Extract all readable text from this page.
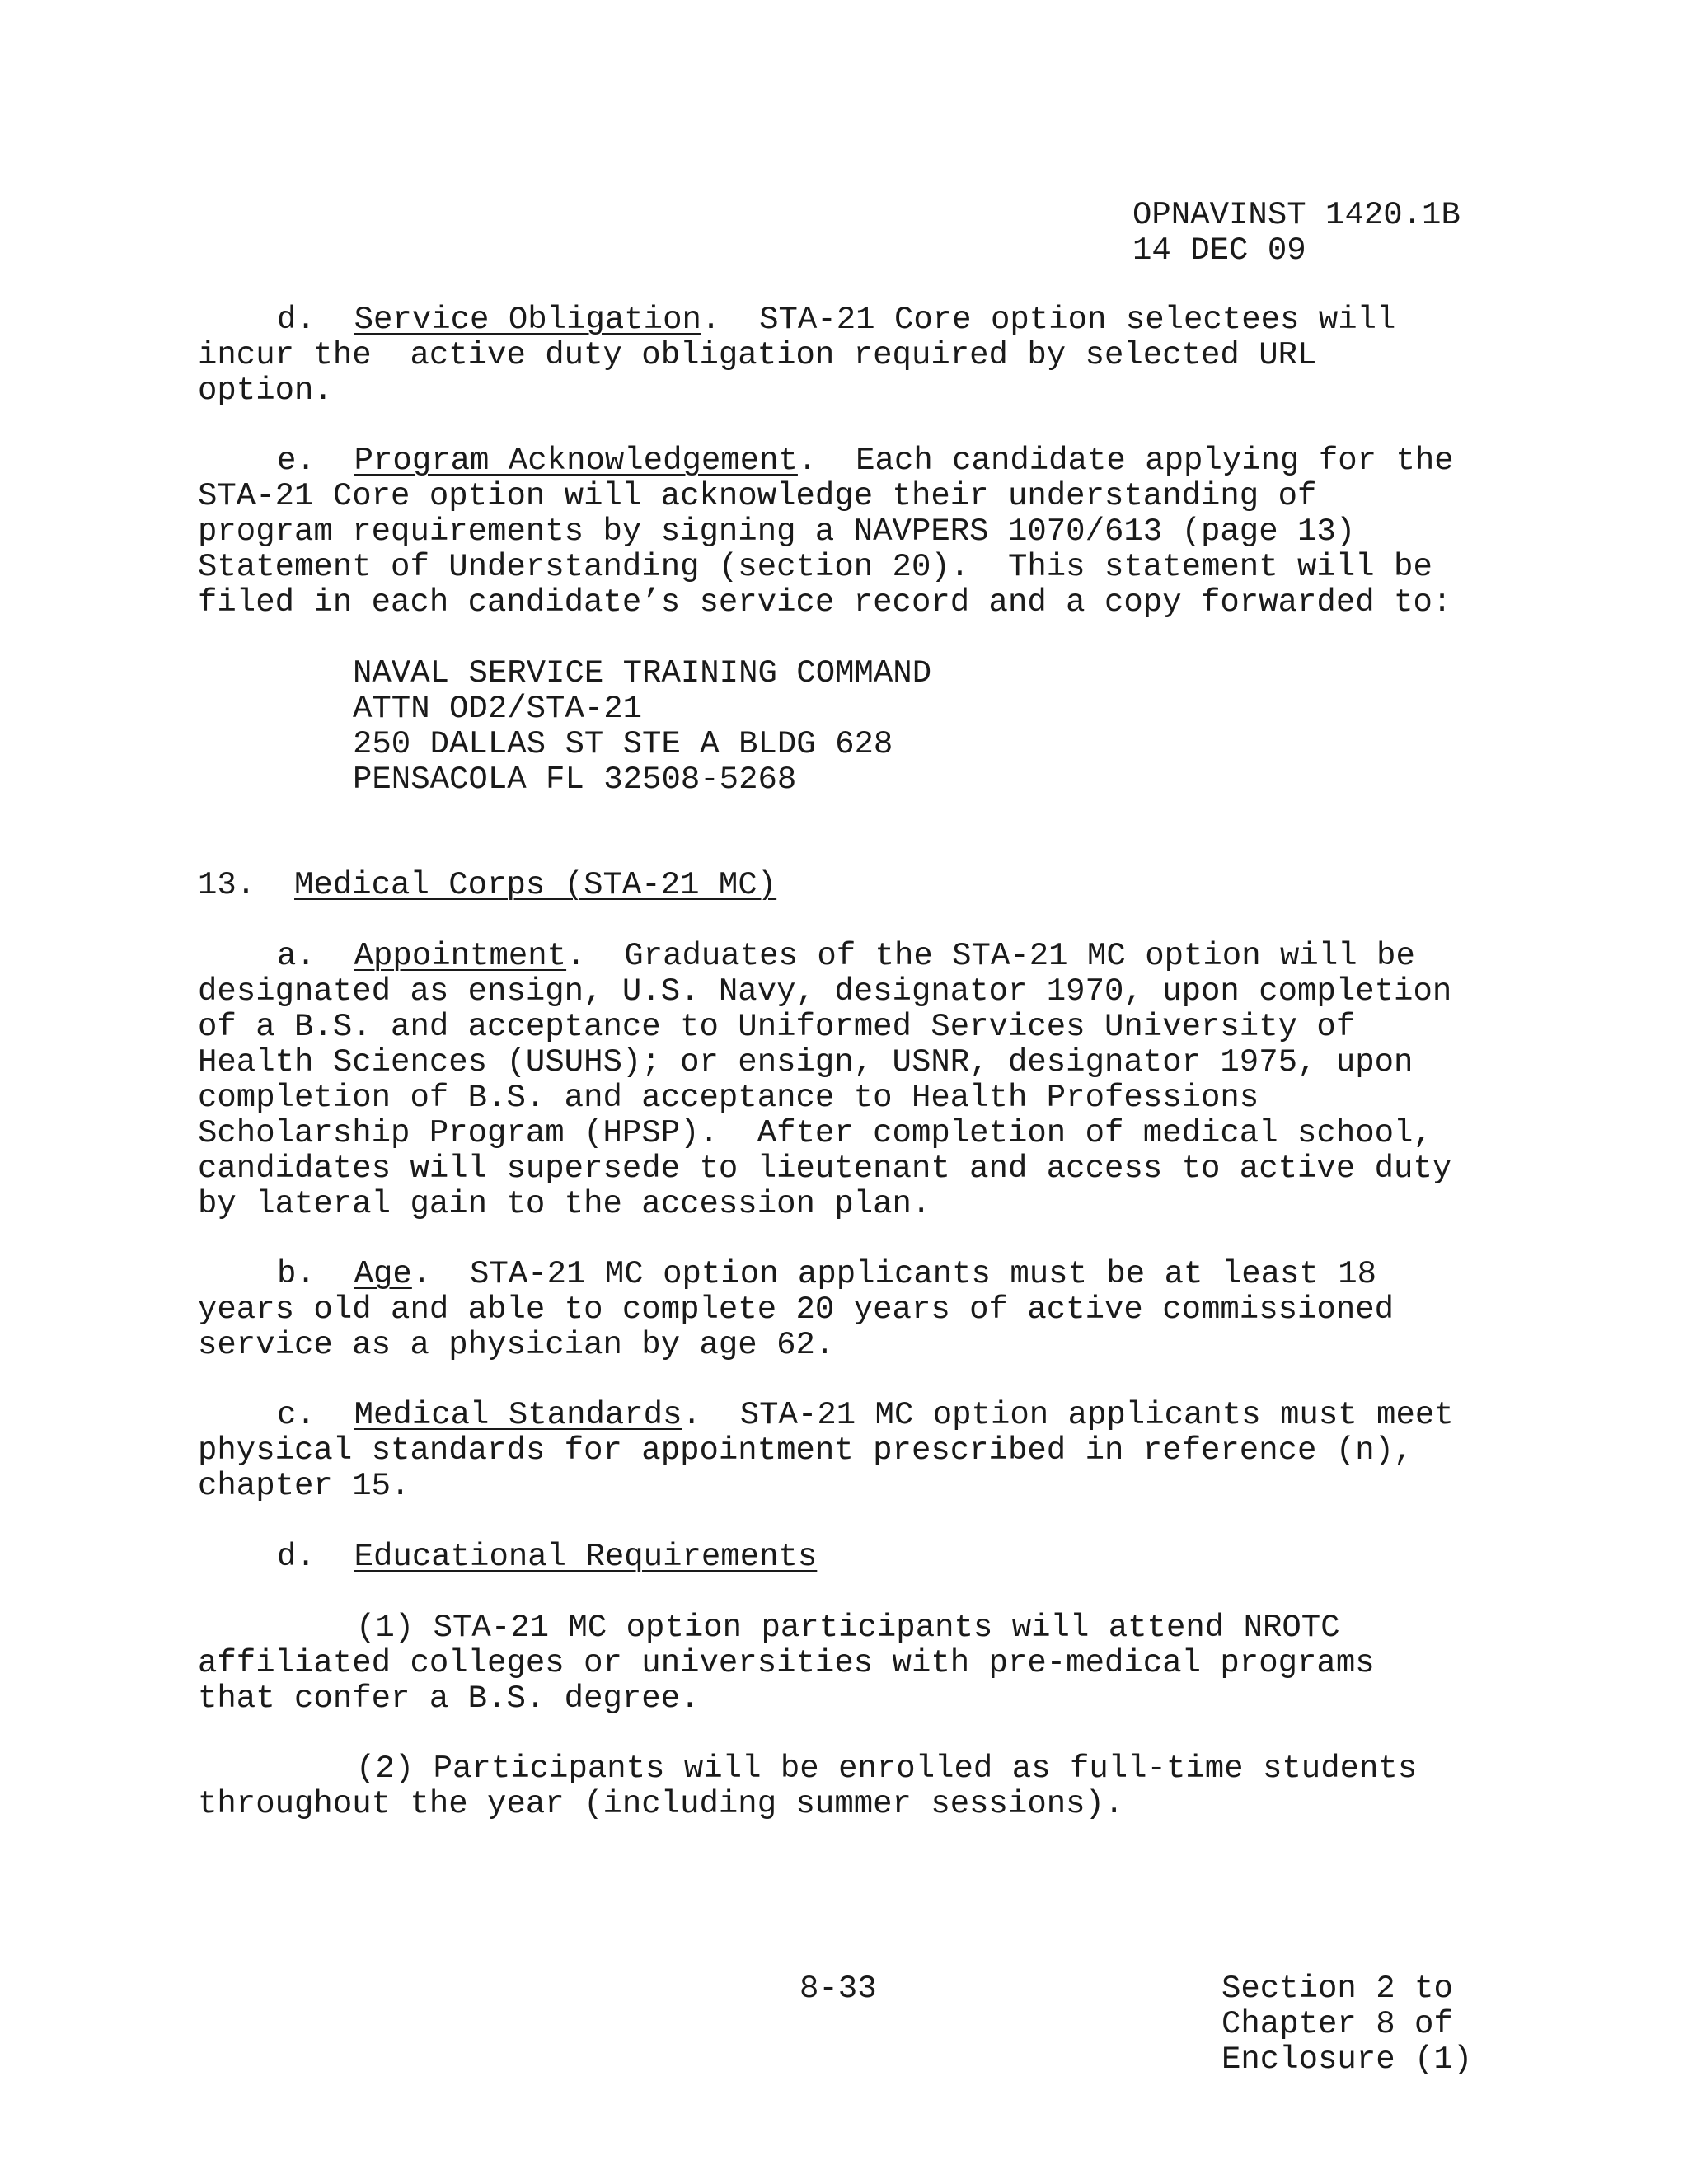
OPNAVINST 1420.1B
14 DEC 09
d. Service Obligation.  STA-21 Core option selectees will
incur the  active duty obligation required by selected URL
option.
e. Program Acknowledgement.  Each candidate applying for the
STA-21 Core option will acknowledge their understanding of
program requirements by signing a NAVPERS 1070/613 (page 13)
Statement of Understanding (section 20).  This statement will be
filed in each candidate’s service record and a copy forwarded to:
NAVAL SERVICE TRAINING COMMAND
ATTN OD2/STA-21
250 DALLAS ST STE A BLDG 628
PENSACOLA FL 32508-5268
13. Medical Corps (STA-21 MC)
a. Appointment.  Graduates of the STA-21 MC option will be
designated as ensign, U.S. Navy, designator 1970, upon completion
of a B.S. and acceptance to Uniformed Services University of
Health Sciences (USUHS); or ensign, USNR, designator 1975, upon
completion of B.S. and acceptance to Health Professions
Scholarship Program (HPSP).  After completion of medical school,
candidates will supersede to lieutenant and access to active duty
by lateral gain to the accession plan.
b. Age.  STA-21 MC option applicants must be at least 18
years old and able to complete 20 years of active commissioned
service as a physician by age 62.
c. Medical Standards.  STA-21 MC option applicants must meet
physical standards for appointment prescribed in reference (n),
chapter 15.
d. Educational Requirements
(1) STA-21 MC option participants will attend NROTC
affiliated colleges or universities with pre-medical programs
that confer a B.S. degree.
(2) Participants will be enrolled as full-time students
throughout the year (including summer sessions).
8-33	Section 2 to
Chapter 8 of
Enclosure (1)
